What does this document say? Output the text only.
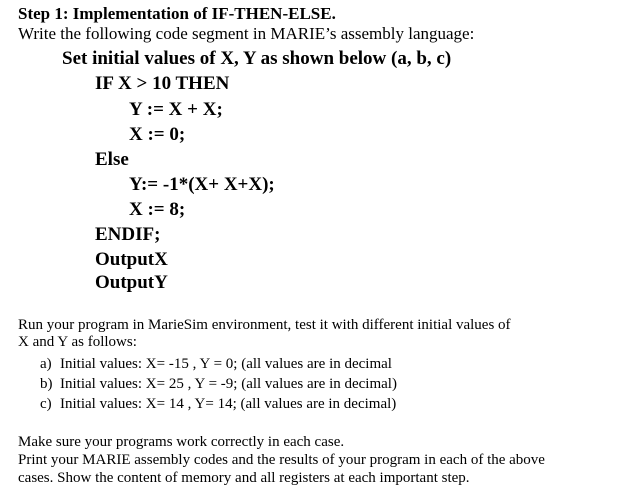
Step 1: Implementation of IF-THEN-ELSE.
Write the following code segment in MARIE’s assembly language:
Set initial values of X, Y as shown below (a, b, c)
IF X > 10 THEN
Y := X + X;
X := 0;
Else
Y:= -1*(X+ X+X);
X := 8;
ENDIF;
OutputX
OutputY
Run your program in MarieSim environment, test it with different initial values of
X and Y as follows:
a) Initial values: X= -15 , Y = 0; (all values are in decimal
b) Initial values: X= 25 , Y = -9; (all values are in decimal)
c) Initial values: X= 14 , Y= 14; (all values are in decimal)
Make sure your programs work correctly in each case.
Print your MARIE assembly codes and the results of your program in each of the above
cases. Show the content of memory and all registers at each important step.
